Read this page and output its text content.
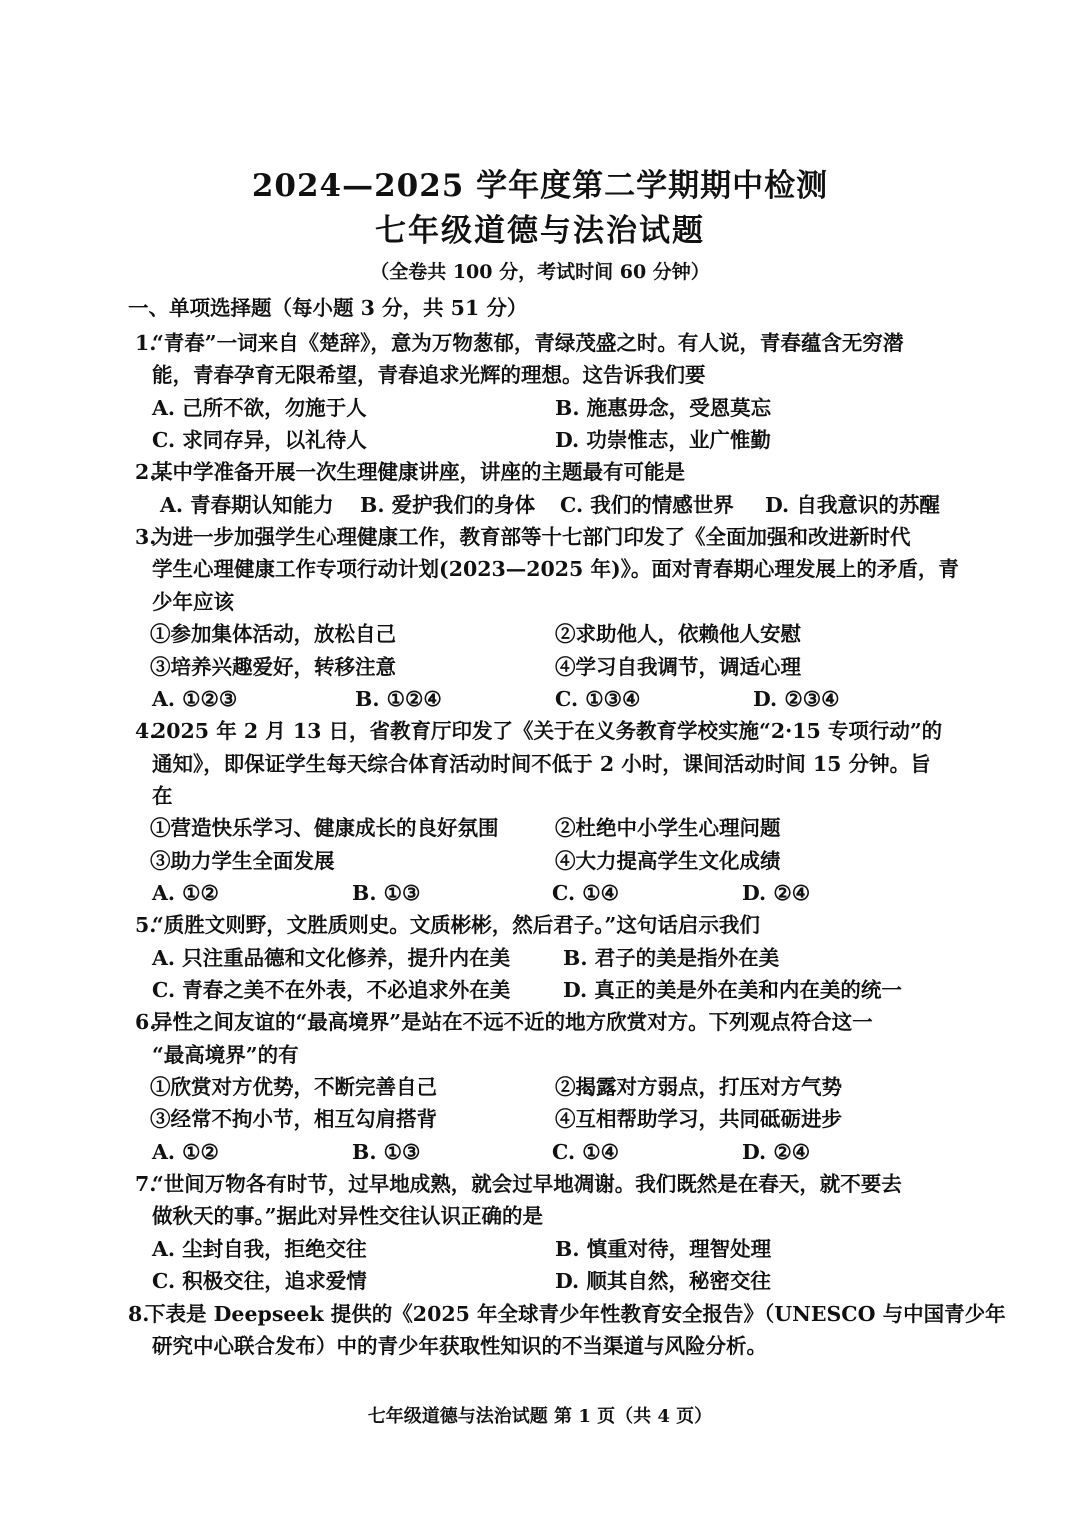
2024—2025 学年度第二学期期中检测
七年级道德与法治试题
（全卷共 100 分，考试时间 60 分钟）
一、单项选择题（每小题 3 分，共 51 分）
1.
“青春”一词来自《楚辞》，意为万物葱郁，青绿茂盛之时。有人说，青春蕴含无穷潜
能，青春孕育无限希望，青春追求光辉的理想。这告诉我们要
A. 己所不欲，勿施于人	B. 施惠毋念，受恩莫忘
C. 求同存异，以礼待人	D. 功崇惟志，业广惟勤
2.
某中学准备开展一次生理健康讲座，讲座的主题最有可能是
A. 青春期认知能力 B. 爱护我们的身体 C. 我们的情感世界 D. 自我意识的苏醒
3.
为进一步加强学生心理健康工作，教育部等十七部门印发了《全面加强和改进新时代
学生心理健康工作专项行动计划(2023—2025 年)》。面对青春期心理发展上的矛盾，青
少年应该
①参加集体活动，放松自己	②求助他人，依赖他人安慰
③培养兴趣爱好，转移注意	④学习自我调节，调适心理
A. ①②③	B. ①②④	C. ①③④	D. ②③④
4.
2025 年 2 月 13 日，省教育厅印发了《关于在义务教育学校实施“2·15 专项行动”的
通知》，即保证学生每天综合体育活动时间不低于 2 小时，课间活动时间 15 分钟。旨
在
①营造快乐学习、健康成长的良好氛围	②杜绝中小学生心理问题
③助力学生全面发展	④大力提高学生文化成绩
A. ①②	B. ①③	C. ①④	D. ②④
5.
“质胜文则野，文胜质则史。文质彬彬，然后君子。”这句话启示我们
A. 只注重品德和文化修养，提升内在美	B. 君子的美是指外在美
C. 青春之美不在外表，不必追求外在美	D. 真正的美是外在美和内在美的统一
6.
异性之间友谊的“最高境界”是站在不远不近的地方欣赏对方。下列观点符合这一
“最高境界”的有
①欣赏对方优势，不断完善自己	②揭露对方弱点，打压对方气势
③经常不拘小节，相互勾肩搭背	④互相帮助学习，共同砥砺进步
A. ①②	B. ①③	C. ①④	D. ②④
7.
“世间万物各有时节，过早地成熟，就会过早地凋谢。我们既然是在春天，就不要去
做秋天的事。”据此对异性交往认识正确的是
A. 尘封自我，拒绝交往	B. 慎重对待，理智处理
C. 积极交往，追求爱情	D. 顺其自然，秘密交往
8.
下表是 Deepseek 提供的《2025 年全球青少年性教育安全报告》（UNESCO 与中国青少年
研究中心联合发布）中的青少年获取性知识的不当渠道与风险分析。
七年级道德与法治试题 第 1 页（共 4 页）
